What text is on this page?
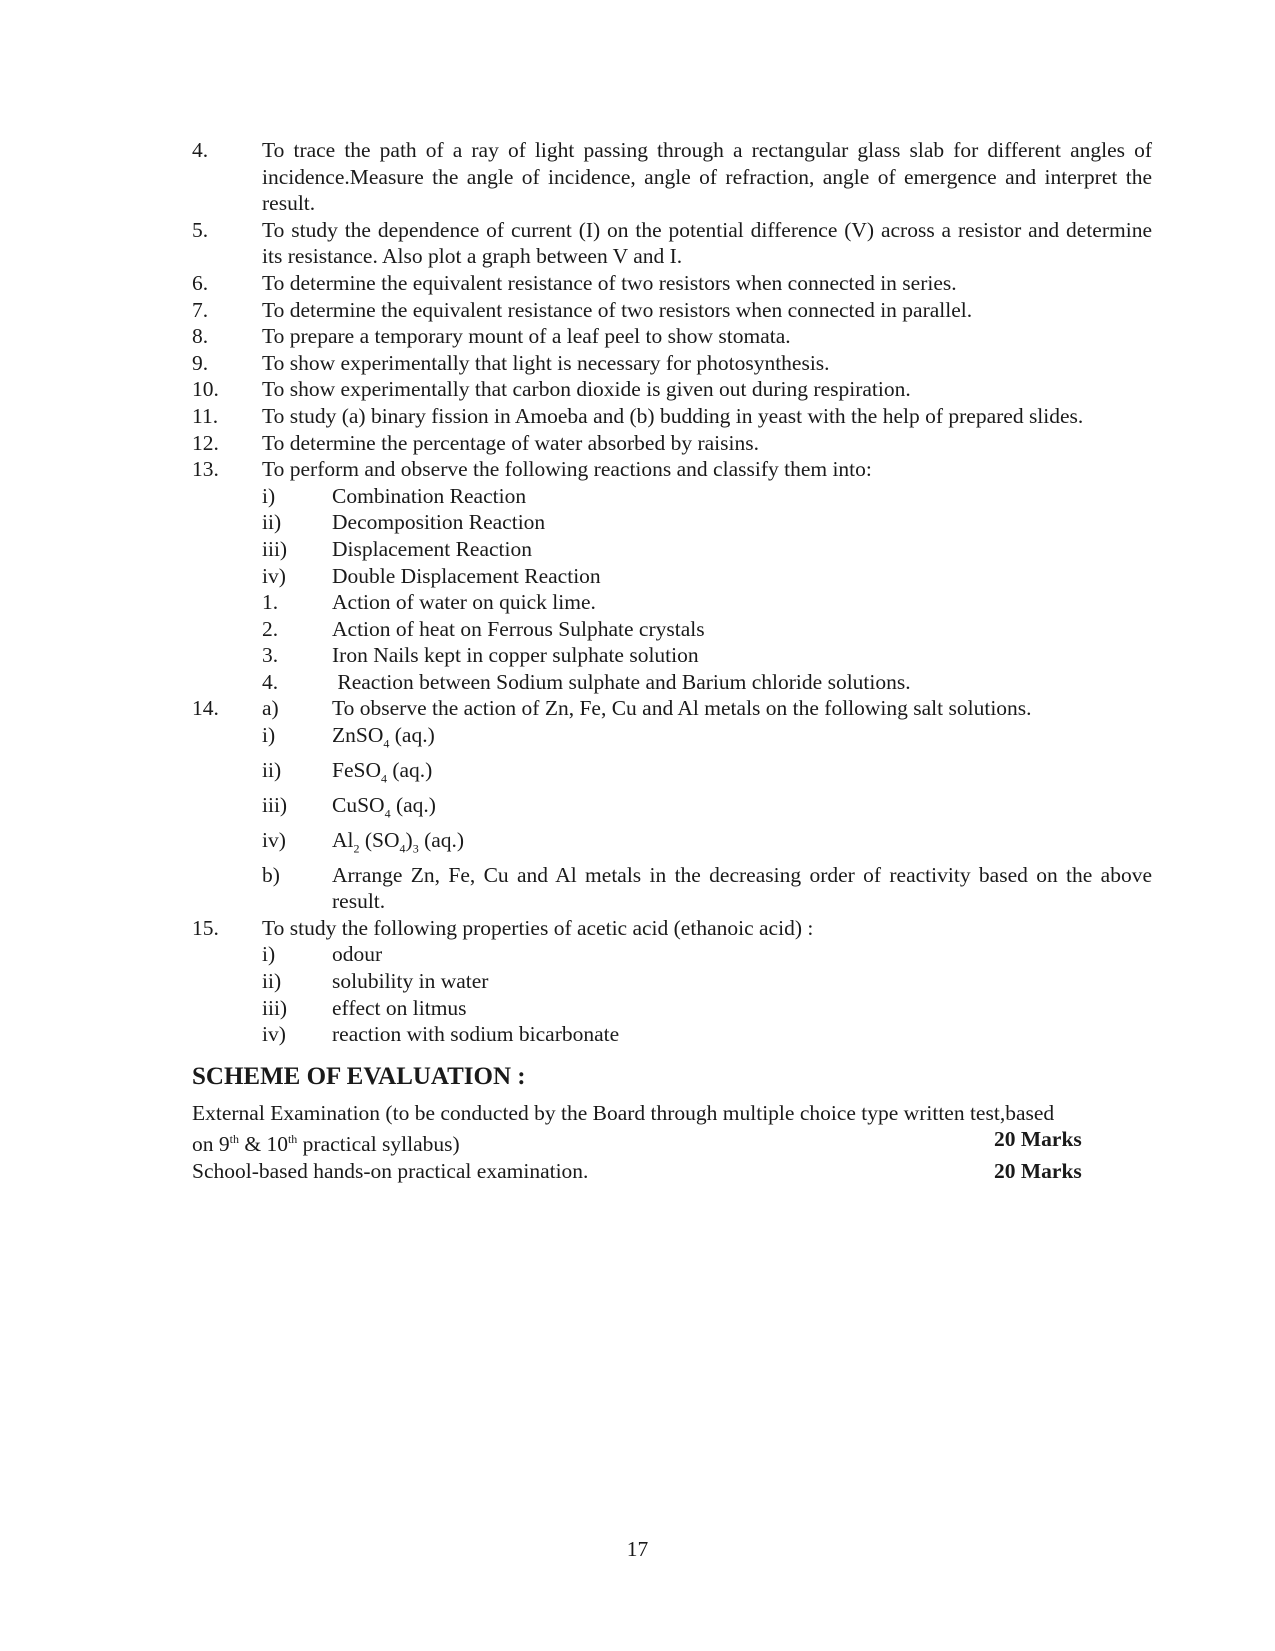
4.	To trace the path of a ray of light passing through a rectangular glass slab for different angles of incidence.Measure the angle of incidence, angle of refraction, angle of emergence and interpret the result.
5.	To study the dependence of current (I) on the potential difference (V) across a resistor and determine its resistance. Also plot a graph between V and I.
6.	To determine the equivalent resistance of two resistors when connected in series.
7.	To determine the equivalent resistance of two resistors when connected in parallel.
8.	To prepare a temporary mount of a leaf peel to show stomata.
9.	To show experimentally that light is necessary for photosynthesis.
10.	To show experimentally that carbon dioxide is given out during respiration.
11.	To study (a) binary fission in Amoeba and (b) budding in yeast with the help of prepared slides.
12.	To determine the percentage of water absorbed by raisins.
13.	To perform and observe the following reactions and classify them into:
i)	Combination Reaction
ii)	Decomposition Reaction
iii)	Displacement Reaction
iv)	Double Displacement Reaction
1.	Action of water on quick lime.
2.	Action of heat on Ferrous Sulphate crystals
3.	Iron Nails kept in copper sulphate solution
4.	Reaction between Sodium sulphate and Barium chloride solutions.
14.	a)	To observe the action of Zn, Fe, Cu and Al metals on the following salt solutions.
i)	ZnSO$_4$ (aq.)
ii)	FeSO$_4$ (aq.)
iii)	CuSO$_4$ (aq.)
iv)	$Al_2$ $(SO_4)_3$ (aq.)
b)	Arrange Zn, Fe, Cu and Al metals in the decreasing order of reactivity based on the above result.
15.	To study the following properties of acetic acid (ethanoic acid) :
i)	odour
ii)	solubility in water
iii)	effect on litmus
iv)	reaction with sodium bicarbonate
SCHEME OF EVALUATION :
External Examination (to be conducted by the Board through multiple choice type written test,based
on 9th & 10th practical syllabus)	20 Marks
School-based hands-on practical examination.	20 Marks
17
